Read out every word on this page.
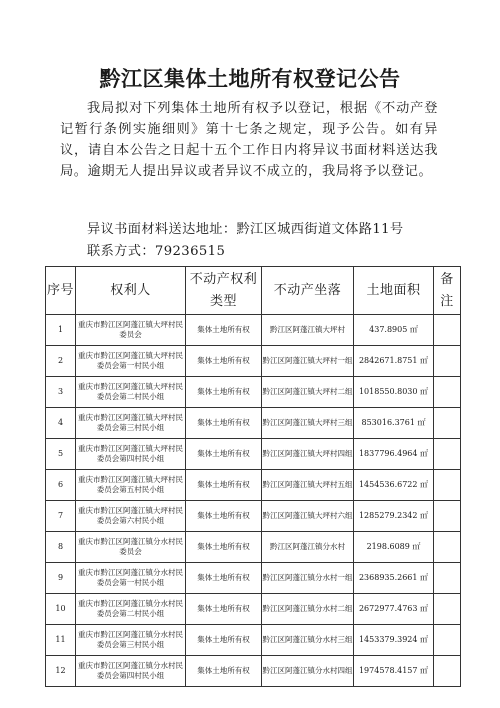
黔江区集体土地所有权登记公告
我局拟对下列集体土地所有权予以登记，根据《不动产登记暂行条例实施细则》第十七条之规定，现予公告。如有异议，请自本公告之日起十五个工作日内将异议书面材料送达我局。逾期无人提出异议或者异议不成立的，我局将予以登记。
异议书面材料送达地址：黔江区城西街道文体路11号
联系方式：79236515
序号	权利人	不动产权利类型	不动产坐落	土地面积	备注
1	重庆市黔江区阿蓬江镇大坪村民委员会	集体土地所有权	黔江区阿蓬江镇大坪村	437.8905 ㎡	
2	重庆市黔江区阿蓬江镇大坪村民委员会第一村民小组	集体土地所有权	黔江区阿蓬江镇大坪村一组	2842671.8751 ㎡	
3	重庆市黔江区阿蓬江镇大坪村民委员会第二村民小组	集体土地所有权	黔江区阿蓬江镇大坪村二组	1018550.8030 ㎡	
4	重庆市黔江区阿蓬江镇大坪村民委员会第三村民小组	集体土地所有权	黔江区阿蓬江镇大坪村三组	853016.3761 ㎡	
5	重庆市黔江区阿蓬江镇大坪村民委员会第四村民小组	集体土地所有权	黔江区阿蓬江镇大坪村四组	1837796.4964 ㎡	
6	重庆市黔江区阿蓬江镇大坪村民委员会第五村民小组	集体土地所有权	黔江区阿蓬江镇大坪村五组	1454536.6722 ㎡	
7	重庆市黔江区阿蓬江镇大坪村民委员会第六村民小组	集体土地所有权	黔江区阿蓬江镇大坪村六组	1285279.2342 ㎡	
8	重庆市黔江区阿蓬江镇分水村民委员会	集体土地所有权	黔江区阿蓬江镇分水村	2198.6089 ㎡	
9	重庆市黔江区阿蓬江镇分水村民委员会第一村民小组	集体土地所有权	黔江区阿蓬江镇分水村一组	2368935.2661 ㎡	
10	重庆市黔江区阿蓬江镇分水村民委员会第二村民小组	集体土地所有权	黔江区阿蓬江镇分水村二组	2672977.4763 ㎡	
11	重庆市黔江区阿蓬江镇分水村民委员会第三村民小组	集体土地所有权	黔江区阿蓬江镇分水村三组	1453379.3924 ㎡	
12	重庆市黔江区阿蓬江镇分水村民委员会第四村民小组	集体土地所有权	黔江区阿蓬江镇分水村四组	1974578.4157 ㎡	
